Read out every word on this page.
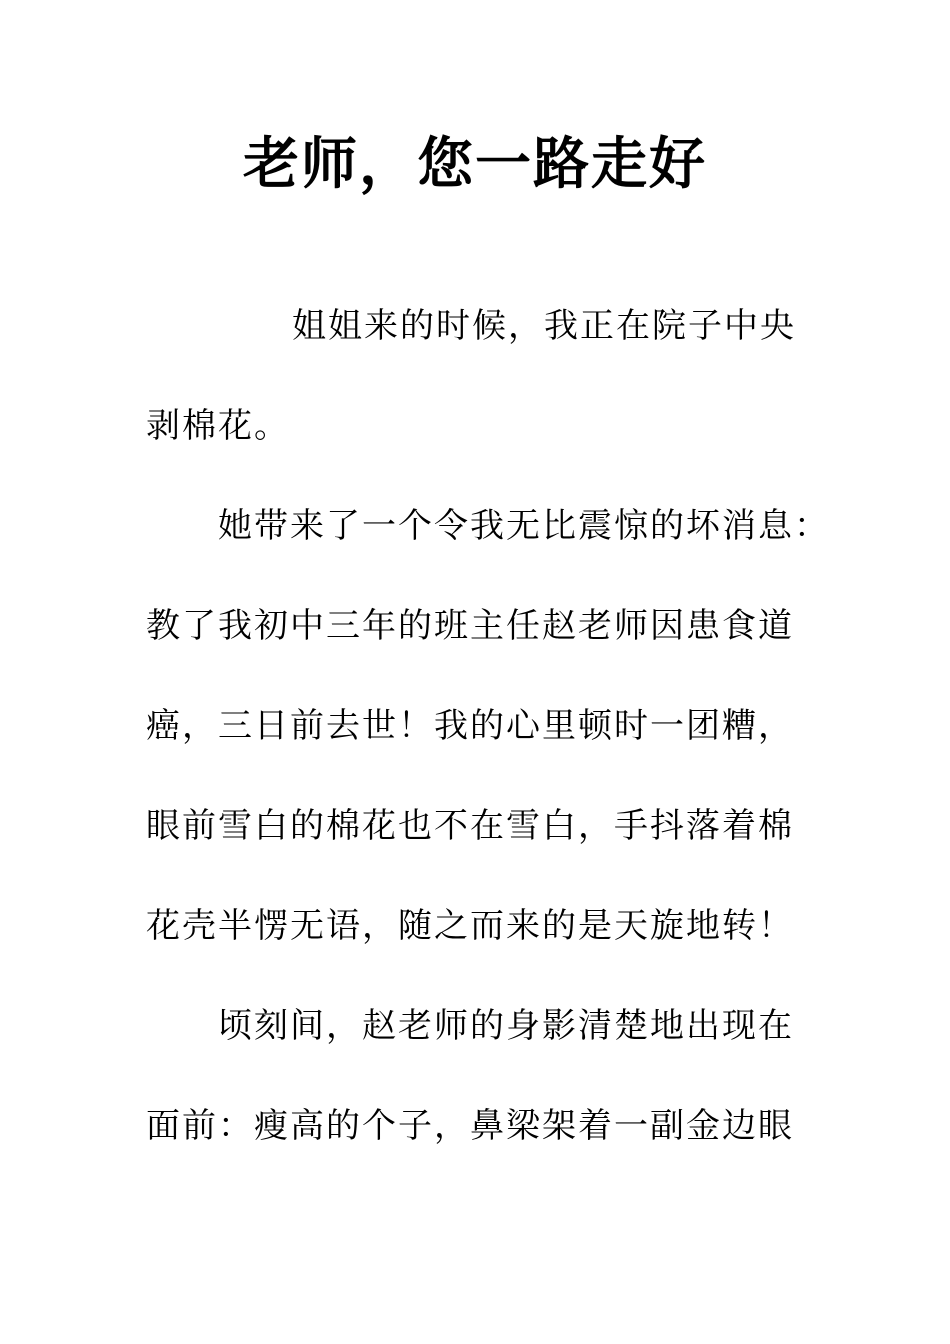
老师，您一路走好
姐姐来的时候，我正在院子中央
剥棉花。
她带来了一个令我无比震惊的坏消息：
教了我初中三年的班主任赵老师因患食道
癌，三日前去世！我的心里顿时一团糟，
眼前雪白的棉花也不在雪白，手抖落着棉
花壳半愣无语，随之而来的是天旋地转！
顷刻间，赵老师的身影清楚地出现在
面前：瘦高的个子，鼻梁架着一副金边眼
